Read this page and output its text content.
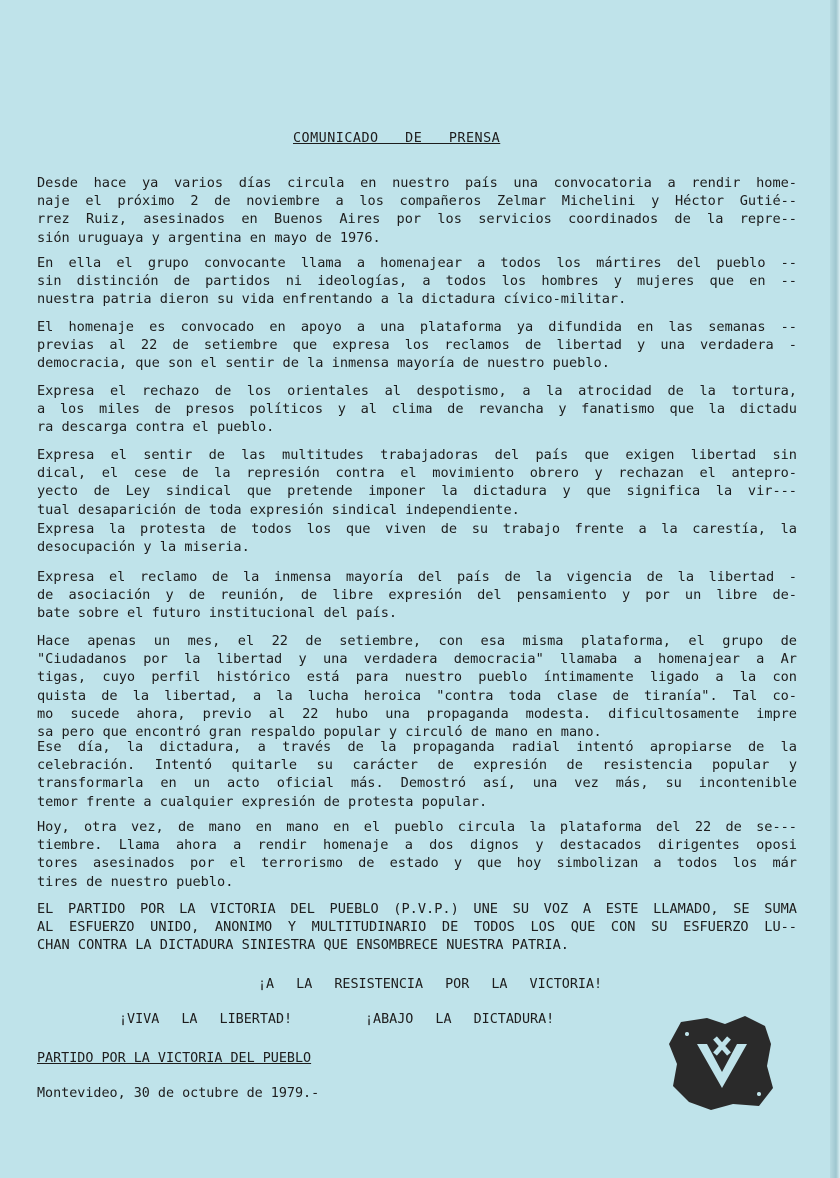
COMUNICADO DE PRENSA
Desde hace ya varios días circula en nuestro país una convocatoria a rendir home-
naje el próximo 2 de noviembre a los compañeros Zelmar Michelini y Héctor Gutié--
rrez Ruiz, asesinados en Buenos Aires por los servicios coordinados de la repre--
sión uruguaya y argentina en mayo de 1976.
En ella el grupo convocante llama a homenajear a todos los mártires del pueblo --
sin distinción de partidos ni ideologías, a todos los hombres y mujeres que en --
nuestra patria dieron su vida enfrentando a la dictadura cívico-militar.
El homenaje es convocado en apoyo a una plataforma ya difundida en las semanas --
previas al 22 de setiembre que expresa los reclamos de libertad y una verdadera -
democracia, que son el sentir de la inmensa mayoría de nuestro pueblo.
Expresa el rechazo de los orientales al despotismo, a la atrocidad de la tortura,
a los miles de presos políticos y al clima de revancha y fanatismo que la dictadu
ra descarga contra el pueblo.
Expresa el sentir de las multitudes trabajadoras del país que exigen libertad sin
dical, el cese de la represión contra el movimiento obrero y rechazan el antepro-
yecto de Ley sindical que pretende imponer la dictadura y que significa la vir---
tual desaparición de toda expresión sindical independiente.
Expresa la protesta de todos los que viven de su trabajo frente a la carestía, la
desocupación y la miseria.
Expresa el reclamo de la inmensa mayoría del país de la vigencia de la libertad -
de asociación y de reunión, de libre expresión del pensamiento y por un libre de-
bate sobre el futuro institucional del país.
Hace apenas un mes, el 22 de setiembre, con esa misma plataforma, el grupo de
"Ciudadanos por la libertad y una verdadera democracia" llamaba a homenajear a Ar
tigas, cuyo perfil histórico está para nuestro pueblo íntimamente ligado a la con
quista de la libertad, a la lucha heroica "contra toda clase de tiranía". Tal co-
mo sucede ahora, previo al 22 hubo una propaganda modesta. dificultosamente impre
sa pero que encontró gran respaldo popular y circuló de mano en mano.
Ese día, la dictadura, a través de la propaganda radial intentó apropiarse de la
celebración. Intentó quitarle su carácter de expresión de resistencia popular y
transformarla en un acto oficial más. Demostró así, una vez más, su incontenible
temor frente a cualquier expresión de protesta popular.
Hoy, otra vez, de mano en mano en el pueblo circula la plataforma del 22 de se---
tiembre. Llama ahora a rendir homenaje a dos dignos y destacados dirigentes oposi
tores asesinados por el terrorismo de estado y que hoy simbolizan a todos los már
tires de nuestro pueblo.
EL PARTIDO POR LA VICTORIA DEL PUEBLO (P.V.P.) UNE SU VOZ A ESTE LLAMADO, SE SUMA
AL ESFUERZO UNIDO, ANONIMO Y MULTITUDINARIO DE TODOS LOS QUE CON SU ESFUERZO LU--
CHAN CONTRA LA DICTADURA SINIESTRA QUE ENSOMBRECE NUESTRA PATRIA.
¡A LA RESISTENCIA POR LA VICTORIA!
¡VIVA LA LIBERTAD!	¡ABAJO LA DICTADURA!
PARTIDO POR LA VICTORIA DEL PUEBLO
Montevideo, 30 de octubre de 1979.-
